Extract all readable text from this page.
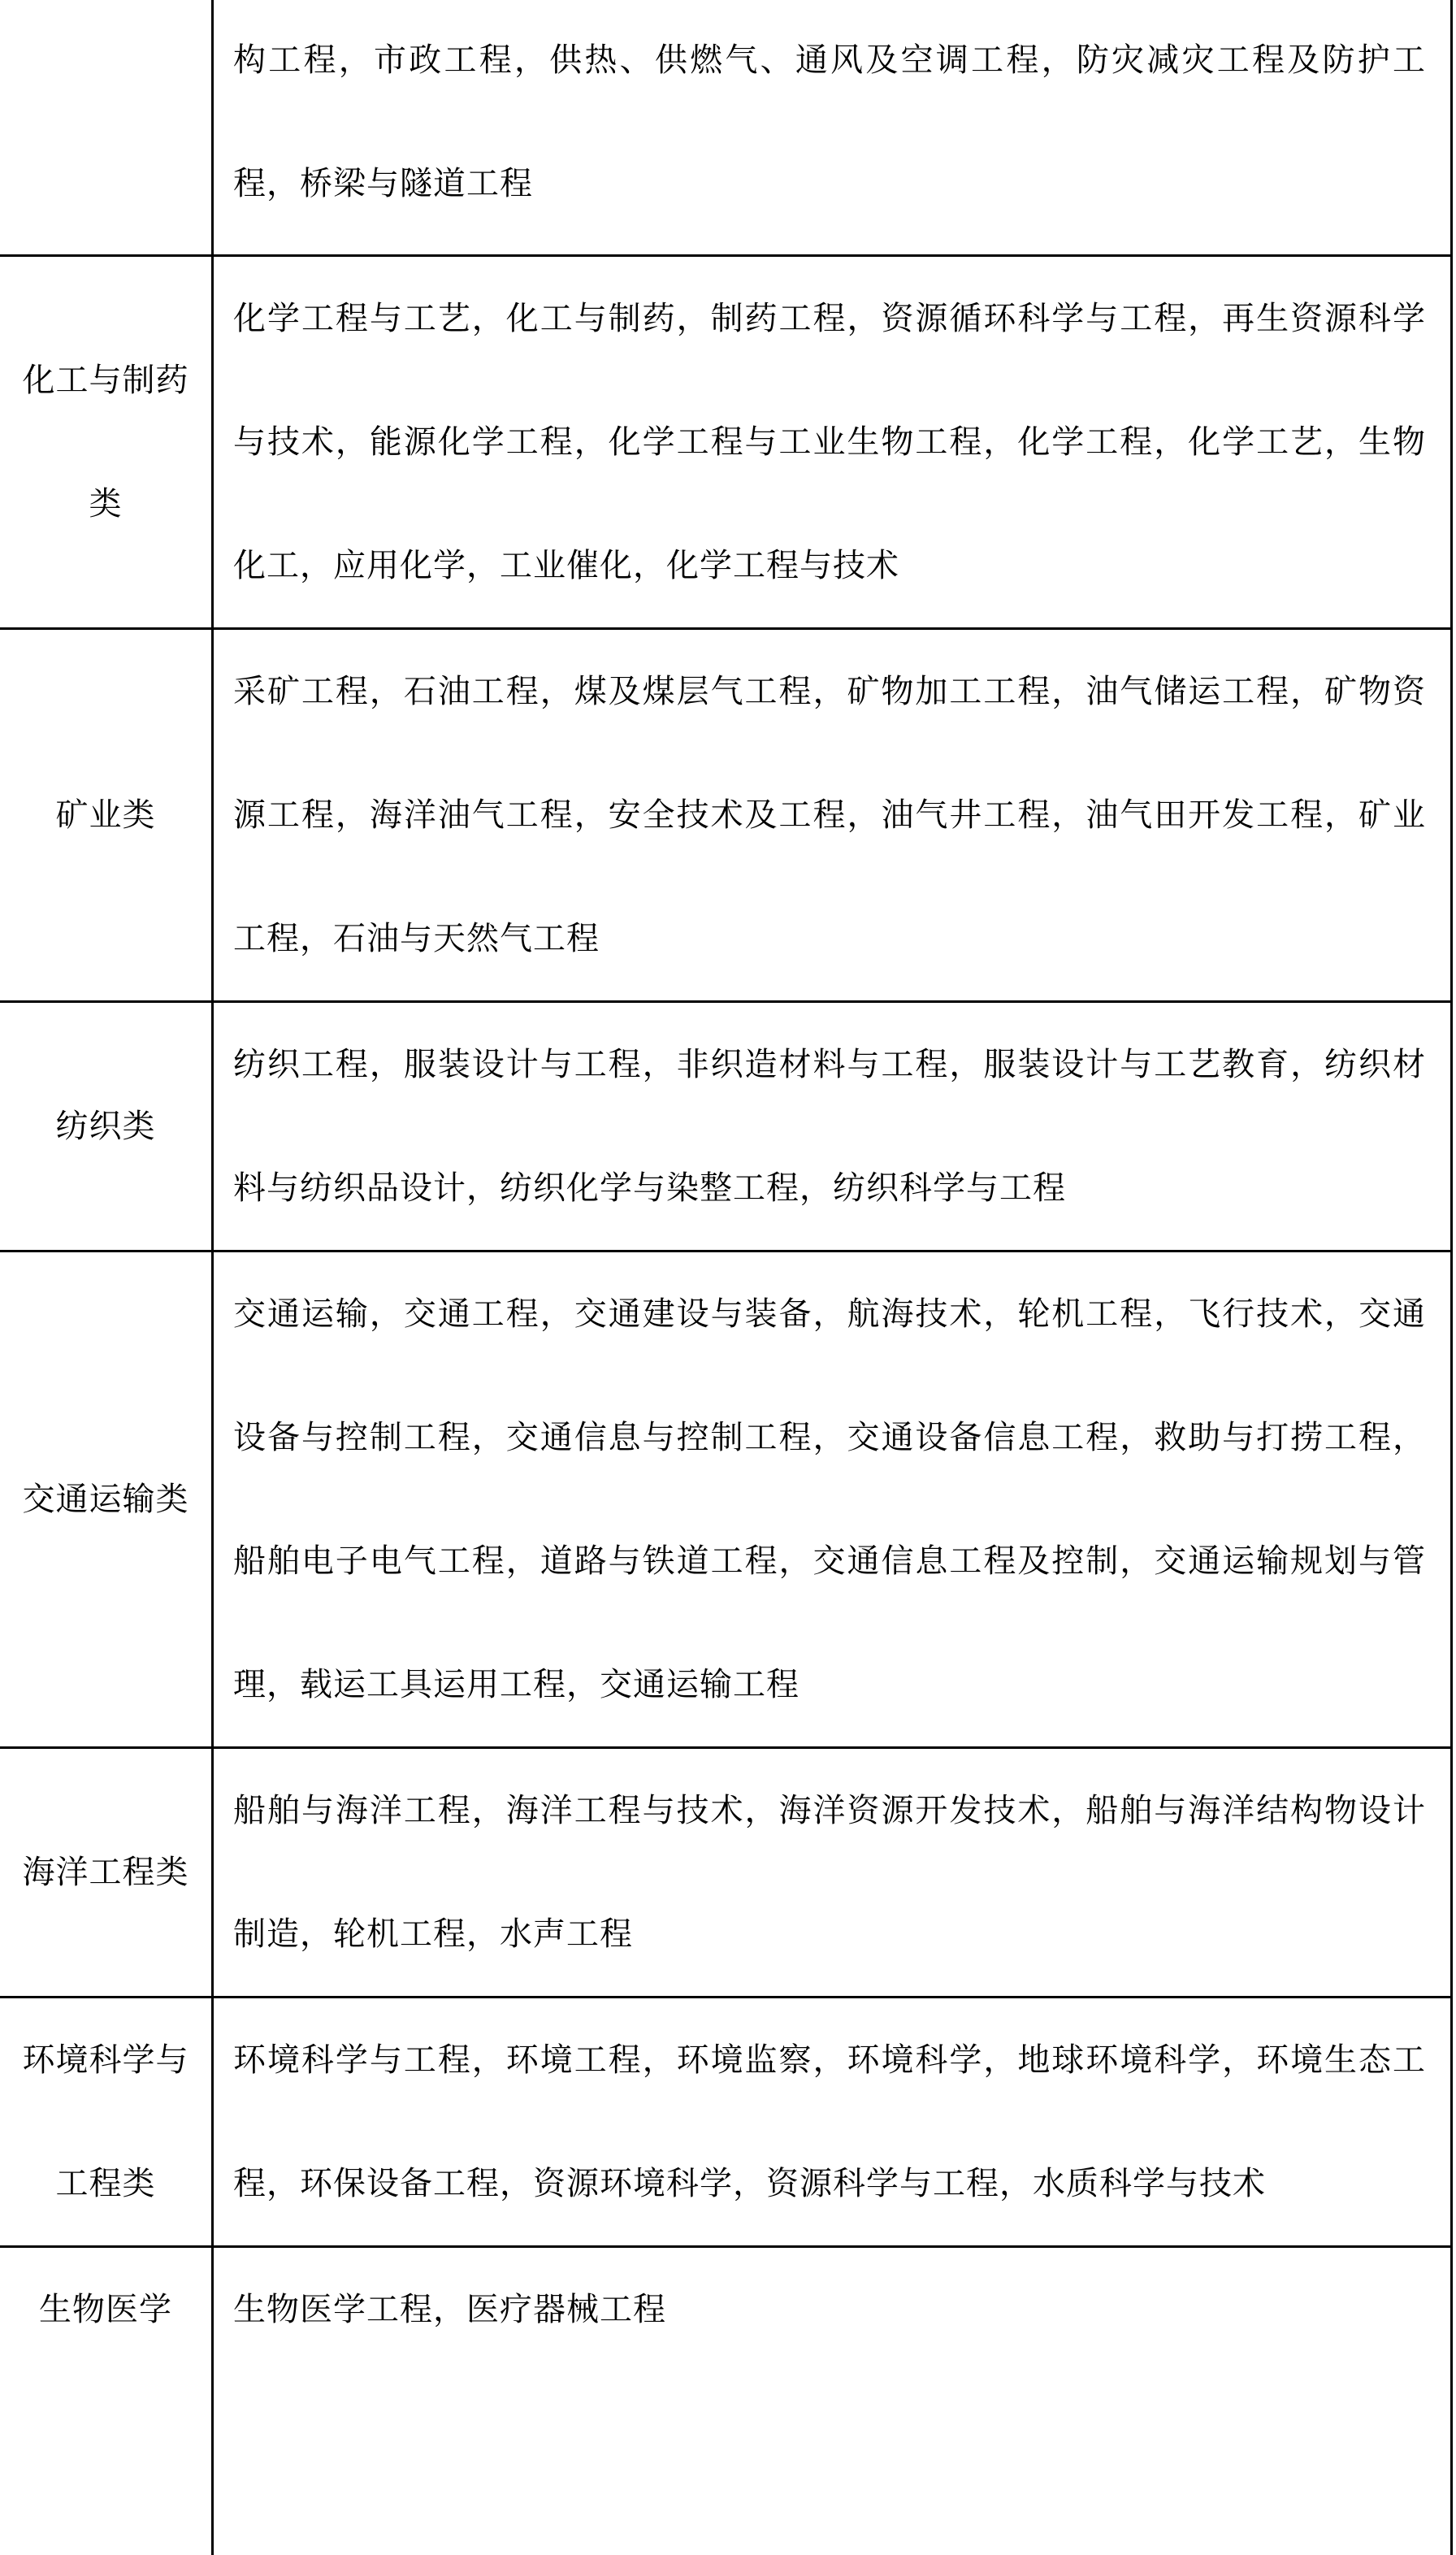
	构工程，市政工程，供热、供燃气、通风及空调工程，防灾减灾工程及防护工程，桥梁与隧道工程
化工与制药类	化学工程与工艺，化工与制药，制药工程，资源循环科学与工程，再生资源科学与技术，能源化学工程，化学工程与工业生物工程，化学工程，化学工艺，生物化工，应用化学，工业催化，化学工程与技术
矿业类	采矿工程，石油工程，煤及煤层气工程，矿物加工工程，油气储运工程，矿物资源工程，海洋油气工程，安全技术及工程，油气井工程，油气田开发工程，矿业工程，石油与天然气工程
纺织类	纺织工程，服装设计与工程，非织造材料与工程，服装设计与工艺教育，纺织材料与纺织品设计，纺织化学与染整工程，纺织科学与工程
交通运输类	交通运输，交通工程，交通建设与装备，航海技术，轮机工程，飞行技术，交通设备与控制工程，交通信息与控制工程，交通设备信息工程，救助与打捞工程，船舶电子电气工程，道路与铁道工程，交通信息工程及控制，交通运输规划与管理，载运工具运用工程，交通运输工程
海洋工程类	船舶与海洋工程，海洋工程与技术，海洋资源开发技术，船舶与海洋结构物设计制造，轮机工程，水声工程
环境科学与工程类	环境科学与工程，环境工程，环境监察，环境科学，地球环境科学，环境生态工程，环保设备工程，资源环境科学，资源科学与工程，水质科学与技术
生物医学	生物医学工程，医疗器械工程
